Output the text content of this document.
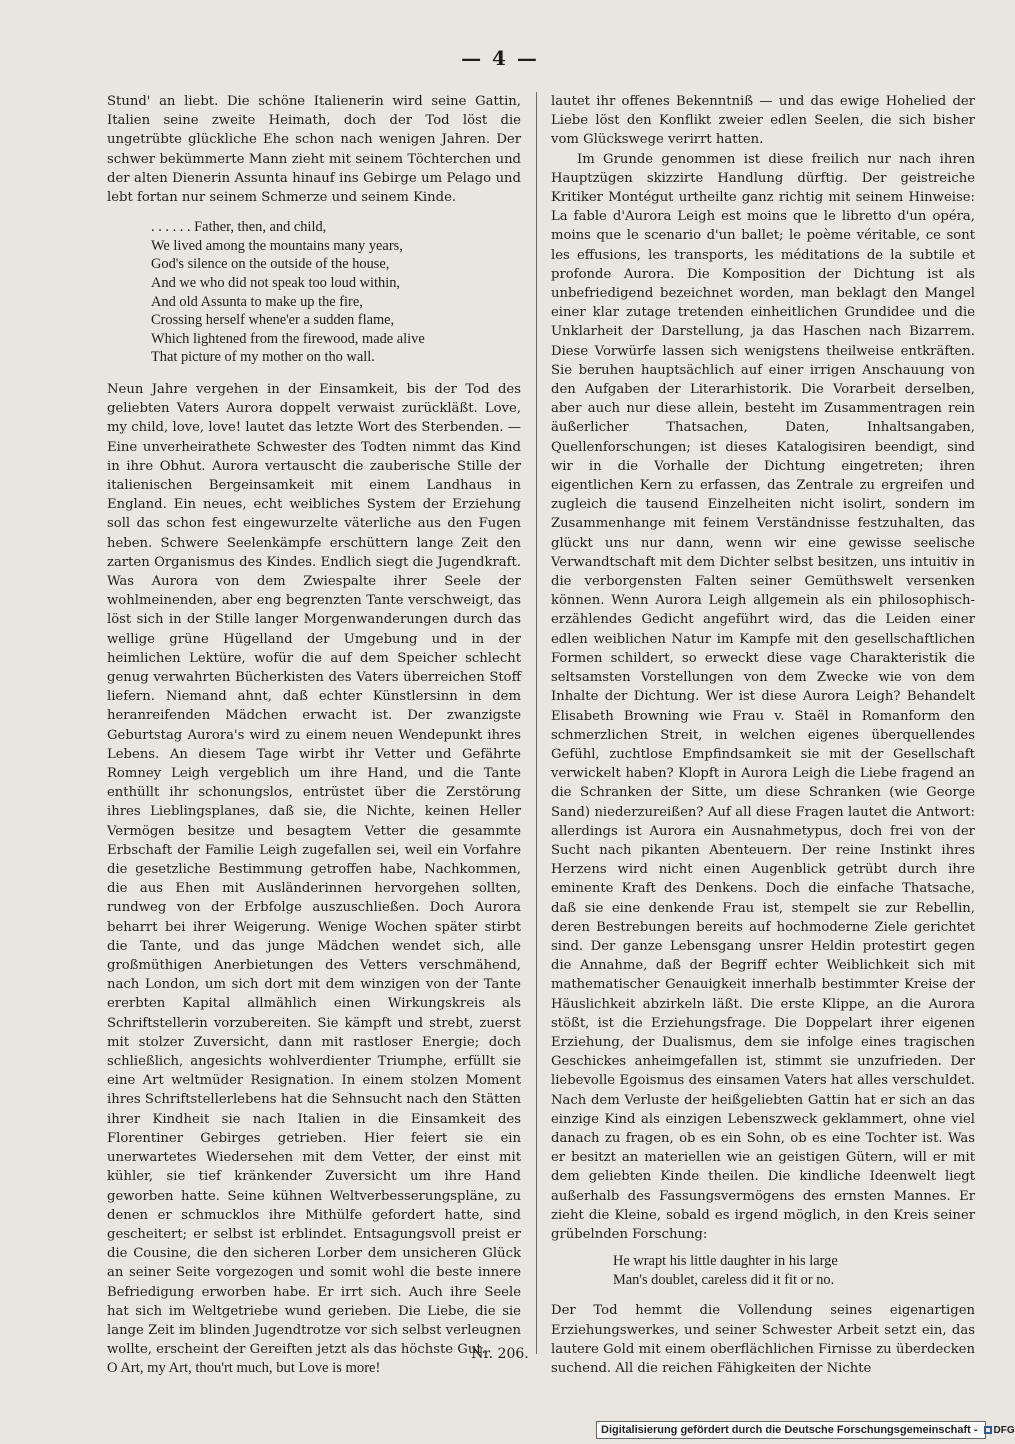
— 4 —

Stund' an liebt. Die schöne Italienerin wird seine Gattin, Italien seine zweite Heimath, doch der Tod löst die ungetrübte glückliche Ehe schon nach wenigen Jahren. Der schwer bekümmerte Mann zieht mit seinem Töchterchen und der alten Dienerin Assunta hinauf ins Gebirge um Pelago und lebt fortan nur seinem Schmerze und seinem Kinde.

. . . . . . Father, then, and child,
We lived among the mountains many years,
God's silence on the outside of the house,
And we who did not speak too loud within,
And old Assunta to make up the fire,
Crossing herself whene'er a sudden flame,
Which lightened from the firewood, made alive
That picture of my mother on tho wall.

Neun Jahre vergehen in der Einsamkeit, bis der Tod des geliebten Vaters Aurora doppelt verwaist zurückläßt. Love, my child, love, love! lautet das letzte Wort des Sterbenden. — Eine unverheirathete Schwester des Todten nimmt das Kind in ihre Obhut. Aurora vertauscht die zauberische Stille der italienischen Bergeinsamkeit mit einem Landhaus in England. Ein neues, echt weibliches System der Erziehung soll das schon fest eingewurzelte väterliche aus den Fugen heben. Schwere Seelenkämpfe erschüttern lange Zeit den zarten Organismus des Kindes. Endlich siegt die Jugendkraft. Was Aurora von dem Zwiespalte ihrer Seele der wohlmeinenden, aber eng begrenzten Tante verschweigt, das löst sich in der Stille langer Morgenwanderungen durch das wellige grüne Hügelland der Umgebung und in der heimlichen Lektüre, wofür die auf dem Speicher schlecht genug verwahrten Bücherkisten des Vaters überreichen Stoff liefern. Niemand ahnt, daß echter Künstlersinn in dem heranreifenden Mädchen erwacht ist. Der zwanzigste Geburtstag Aurora's wird zu einem neuen Wendepunkt ihres Lebens. An diesem Tage wirbt ihr Vetter und Gefährte Romney Leigh vergeblich um ihre Hand, und die Tante enthüllt ihr schonungslos, entrüstet über die Zerstörung ihres Lieblingsplanes, daß sie, die Nichte, keinen Heller Vermögen besitze und besagtem Vetter die gesammte Erbschaft der Familie Leigh zugefallen sei, weil ein Vorfahre die gesetzliche Bestimmung getroffen habe, Nachkommen, die aus Ehen mit Ausländerinnen hervorgehen sollten, rundweg von der Erbfolge auszuschließen. Doch Aurora beharrt bei ihrer Weigerung. Wenige Wochen später stirbt die Tante, und das junge Mädchen wendet sich, alle großmüthigen Anerbietungen des Vetters verschmähend, nach London, um sich dort mit dem winzigen von der Tante ererbten Kapital allmählich einen Wirkungskreis als Schriftstellerin vorzubereiten. Sie kämpft und strebt, zuerst mit stolzer Zuversicht, dann mit rastloser Energie; doch schließlich, angesichts wohlverdienter Triumphe, erfüllt sie eine Art weltmüder Resignation. In einem stolzen Moment ihres Schriftstellerlebens hat die Sehnsucht nach den Stätten ihrer Kindheit sie nach Italien in die Einsamkeit des Florentiner Gebirges getrieben. Hier feiert sie ein unerwartetes Wiedersehen mit dem Vetter, der einst mit kühler, sie tief kränkender Zuversicht um ihre Hand geworben hatte. Seine kühnen Weltverbesserungspläne, zu denen er schmucklos ihre Mithülfe gefordert hatte, sind gescheitert; er selbst ist erblindet. Entsagungsvoll preist er die Cousine, die den sicheren Lorber dem unsicheren Glück an seiner Seite vorgezogen und somit wohl die beste innere Befriedigung erworben habe. Er irrt sich. Auch ihre Seele hat sich im Weltgetriebe wund gerieben. Die Liebe, die sie lange Zeit im blinden Jugendtrotze vor sich selbst verleugnen wollte, erscheint der Gereiften jetzt als das höchste Gut.

O Art, my Art, thou'rt much, but Love is more!

lautet ihr offenes Bekenntniß — und das ewige Hohelied der Liebe löst den Konflikt zweier edlen Seelen, die sich bisher vom Glückswege verirrt hatten.

Im Grunde genommen ist diese freilich nur nach ihren Hauptzügen skizzirte Handlung dürftig. Der geistreiche Kritiker Montégut urtheilte ganz richtig mit seinem Hinweise: La fable d'Aurora Leigh est moins que le libretto d'un opéra, moins que le scenario d'un ballet; le poème véritable, ce sont les effusions, les transports, les méditations de la subtile et profonde Aurora. Die Komposition der Dichtung ist als unbefriedigend bezeichnet worden, man beklagt den Mangel einer klar zutage tretenden einheitlichen Grundidee und die Unklarheit der Darstellung, ja das Haschen nach Bizarrem. Diese Vorwürfe lassen sich wenigstens theilweise entkräften. Sie beruhen hauptsächlich auf einer irrigen Anschauung von den Aufgaben der Literarhistorik. Die Vorarbeit derselben, aber auch nur diese allein, besteht im Zusammentragen rein äußerlicher Thatsachen, Daten, Inhaltsangaben, Quellenforschungen; ist dieses Katalogisiren beendigt, sind wir in die Vorhalle der Dichtung eingetreten; ihren eigentlichen Kern zu erfassen, das Zentrale zu ergreifen und zugleich die tausend Einzelheiten nicht isolirt, sondern im Zusammenhange mit feinem Verständnisse festzuhalten, das glückt uns nur dann, wenn wir eine gewisse seelische Verwandtschaft mit dem Dichter selbst besitzen, uns intuitiv in die verborgensten Falten seiner Gemüthswelt versenken können. Wenn Aurora Leigh allgemein als ein philosophisch-erzählendes Gedicht angeführt wird, das die Leiden einer edlen weiblichen Natur im Kampfe mit den gesellschaftlichen Formen schildert, so erweckt diese vage Charakteristik die seltsamsten Vorstellungen von dem Zwecke wie von dem Inhalte der Dichtung. Wer ist diese Aurora Leigh? Behandelt Elisabeth Browning wie Frau v. Staël in Romanform den schmerzlichen Streit, in welchen eigenes überquellendes Gefühl, zuchtlose Empfindsamkeit sie mit der Gesellschaft verwickelt haben? Klopft in Aurora Leigh die Liebe fragend an die Schranken der Sitte, um diese Schranken (wie George Sand) niederzureißen? Auf all diese Fragen lautet die Antwort: allerdings ist Aurora ein Ausnahmetypus, doch frei von der Sucht nach pikanten Abenteuern. Der reine Instinkt ihres Herzens wird nicht einen Augenblick getrübt durch ihre eminente Kraft des Denkens. Doch die einfache Thatsache, daß sie eine denkende Frau ist, stempelt sie zur Rebellin, deren Bestrebungen bereits auf hochmoderne Ziele gerichtet sind. Der ganze Lebensgang unsrer Heldin protestirt gegen die Annahme, daß der Begriff echter Weiblichkeit sich mit mathematischer Genauigkeit innerhalb bestimmter Kreise der Häuslichkeit abzirkeln läßt. Die erste Klippe, an die Aurora stößt, ist die Erziehungsfrage. Die Doppelart ihrer eigenen Erziehung, der Dualismus, dem sie infolge eines tragischen Geschickes anheimgefallen ist, stimmt sie unzufrieden. Der liebevolle Egoismus des einsamen Vaters hat alles verschuldet. Nach dem Verluste der heißgeliebten Gattin hat er sich an das einzige Kind als einzigen Lebenszweck geklammert, ohne viel danach zu fragen, ob es ein Sohn, ob es eine Tochter ist. Was er besitzt an materiellen wie an geistigen Gütern, will er mit dem geliebten Kinde theilen. Die kindliche Ideenwelt liegt außerhalb des Fassungsvermögens des ernsten Mannes. Er zieht die Kleine, sobald es irgend möglich, in den Kreis seiner grübelnden Forschung:

He wrapt his little daughter in his large
Man's doublet, careless did it fit or no.

Der Tod hemmt die Vollendung seines eigenartigen Erziehungswerkes, und seiner Schwester Arbeit setzt ein, das lautere Gold mit einem oberflächlichen Firnisse zu überdecken suchend. All die reichen Fähigkeiten der Nichte

Nr. 206.
Digitalisierung gefördert durch die Deutsche Forschungsgemeinschaft - DFG
